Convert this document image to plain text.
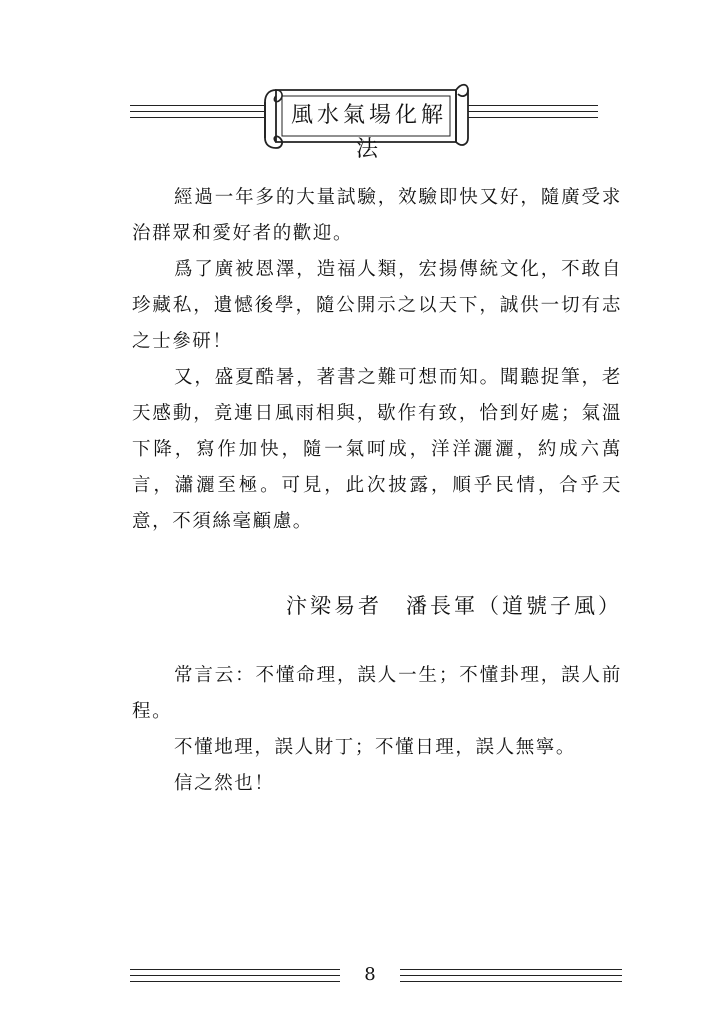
風水氣場化解法
經過一年多的大量試驗，效驗即快又好，隨廣受求治群眾和愛好者的歡迎。
爲了廣被恩澤，造福人類，宏揚傳統文化，不敢自珍藏私，遺憾後學，隨公開示之以天下，誠供一切有志之士參研！
又，盛夏酷暑，著書之難可想而知。聞聽捉筆，老天感動，竟連日風雨相與，歇作有致，恰到好處；氣溫下降，寫作加快，隨一氣呵成，洋洋灑灑，約成六萬言，瀟灑至極。可見，此次披露，順乎民情，合乎天意，不須絲毫顧慮。
汴梁易者　潘長軍（道號子風）
常言云：不懂命理，誤人一生；不懂卦理，誤人前程。
不懂地理，誤人財丁；不懂日理，誤人無寧。
信之然也！
8
